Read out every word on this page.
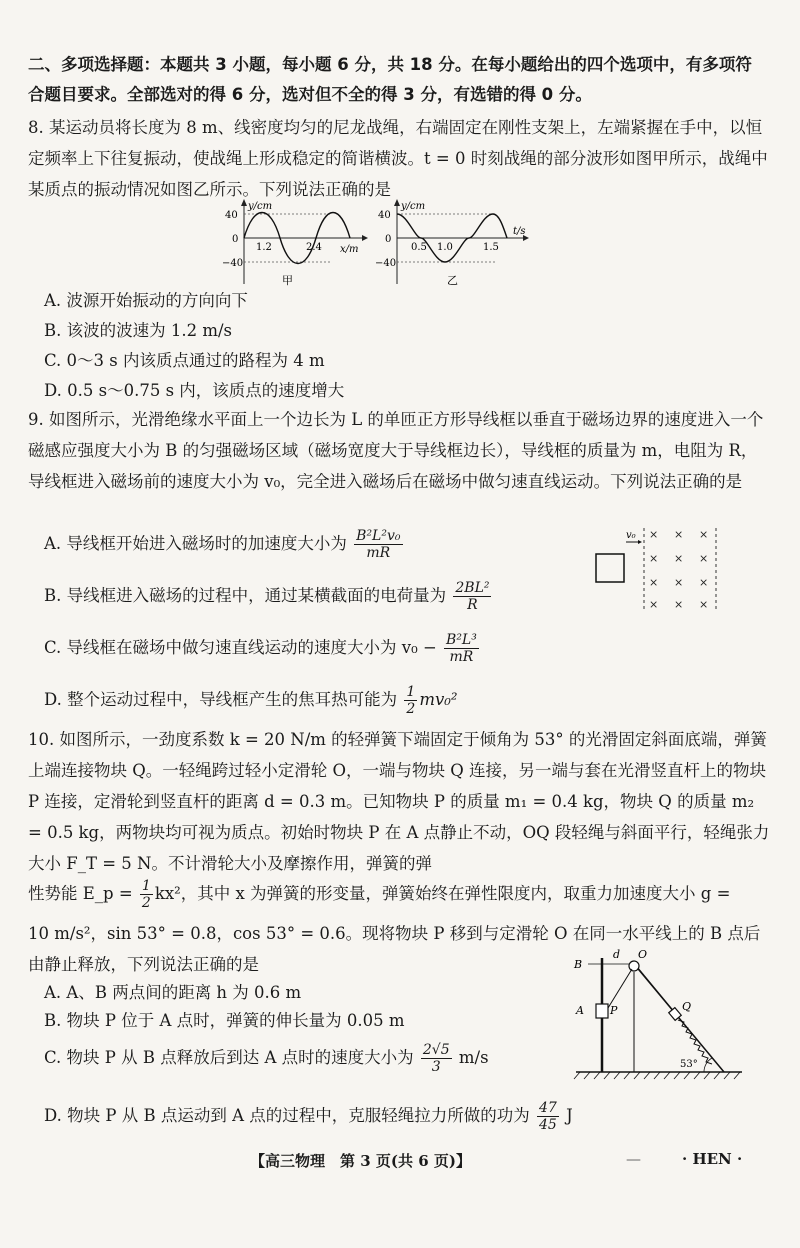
二、多项选择题：本题共 3 小题，每小题 6 分，共 18 分。在每小题给出的四个选项中，有多项符合题目要求。全部选对的得 6 分，选对但不全的得 3 分，有选错的得 0 分。
8. 某运动员将长度为 8 m、线密度均匀的尼龙战绳，右端固定在刚性支架上，左端紧握在手中，以恒定频率上下往复振动，使战绳上形成稳定的简谐横波。t = 0 时刻战绳的部分波形如图甲所示，战绳中某质点的振动情况如图乙所示。下列说法正确的是
y/cm
x/m
40
0
−40
1.2	2.4
甲
y/cm
t/s
40
0
−40
0.5 1.0	1.5
乙
A. 波源开始振动的方向向下
B. 该波的波速为 1.2 m/s
C. 0～3 s 内该质点通过的路程为 4 m
D. 0.5 s～0.75 s 内，该质点的速度增大
9. 如图所示，光滑绝缘水平面上一个边长为 L 的单匝正方形导线框以垂直于磁场边界的速度进入一个磁感应强度大小为 B 的匀强磁场区域（磁场宽度大于导线框边长），导线框的质量为 m，电阻为 R，导线框进入磁场前的速度大小为 v₀，完全进入磁场后在磁场中做匀速直线运动。下列说法正确的是
A. 导线框开始进入磁场时的加速度大小为 $\frac{\text{B²L²v₀}}{mR}$
B. 导线框进入磁场的过程中，通过某横截面的电荷量为 $\frac{\text{2BL²}}{R}$
C. 导线框在磁场中做匀速直线运动的速度大小为 $v_0 - \frac{\text{B²L³}}{mR}$
D. 整个运动过程中，导线框产生的焦耳热可能为 $\frac{1}{2} mv_0^2$
v₀ × × ×
× × ×
× × ×
× × ×
10. 如图所示，一劲度系数 k = 20 N/m 的轻弹簧下端固定于倾角为 53° 的光滑固定斜面底端，弹簧上端连接物块 Q。一轻绳跨过轻小定滑轮 O，一端与物块 Q 连接，另一端与套在光滑竖直杆上的物块 P 连接，定滑轮到竖直杆的距离 d = 0.3 m。已知物块 P 的质量 m₁ = 0.4 kg，物块 Q 的质量 m₂ = 0.5 kg，两物块均可视为质点。初始时物块 P 在 A 点静止不动，OQ 段轻绳与斜面平行，轻绳张力大小 F_T = 5 N。不计滑轮大小及摩擦作用，弹簧的弹
性势能 E_p = $\frac{1}{2} kx^2$，其中 x 为弹簧的形变量，弹簧始终在弹性限度内，取重力加速度大小 g =
10 m/s²，sin 53° = 0.8，cos 53° = 0.6。现将物块 P 移到与定滑轮 O 在同一水平线上的 B 点后由静止释放，下列说法正确的是
A. A、B 两点间的距离 h 为 0.6 m
B. 物块 P 位于 A 点时，弹簧的伸长量为 0.05 m
C. 物块 P 从 B 点释放后到达 A 点时的速度大小为 $\frac{2√5}{3} m/s$
D. 物块 P 从 B 点运动到 A 点的过程中，克服轻绳拉力所做的功为 $\frac{47}{45}$ J
O
B
d
A P	Q
53°
【高三物理　第 3 页(共 6 页)】	—	· HEN ·
